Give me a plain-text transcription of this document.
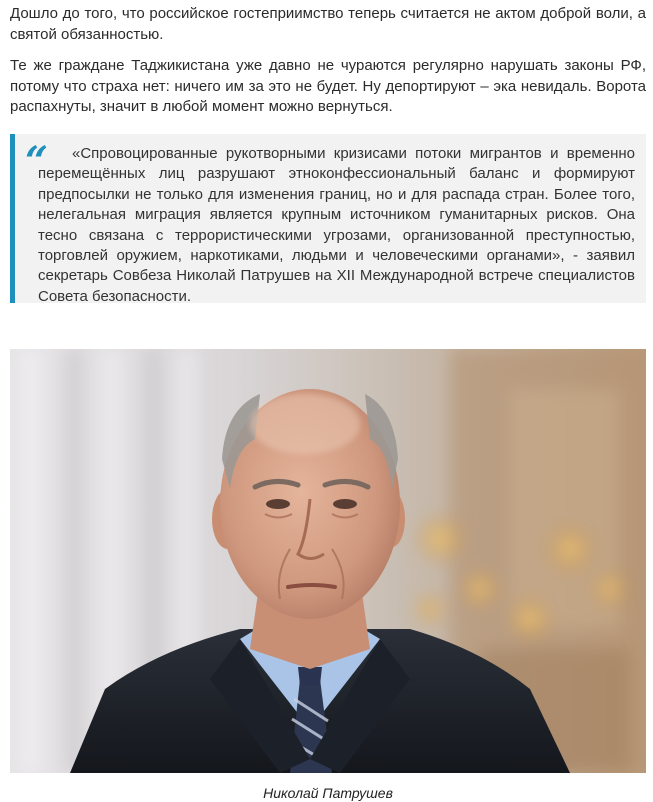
Дошло до того, что российское гостеприимство теперь считается не актом доброй воли, а святой обязанностью.

Те же граждане Таджикистана уже давно не чураются регулярно нарушать законы РФ, потому что страха нет: ничего им за это не будет. Ну депортируют – эка невидаль. Ворота распахнуты, значит в любой момент можно вернуться.

“	«Спровоцированные рукотворными кризисами потоки мигрантов и временно перемещённых лиц разрушают этноконфессиональный баланс и формируют предпосылки не только для изменения границ, но и для распада стран. Более того, нелегальная миграция является крупным источником гуманитарных рисков. Она тесно связана с террористическими угрозами, организованной преступностью, торговлей оружием, наркотиками, людьми и человеческими органами», - заявил секретарь Совбеза Николай Патрушев на XII Международной встрече специалистов Совета безопасности.

Николай Патрушев
